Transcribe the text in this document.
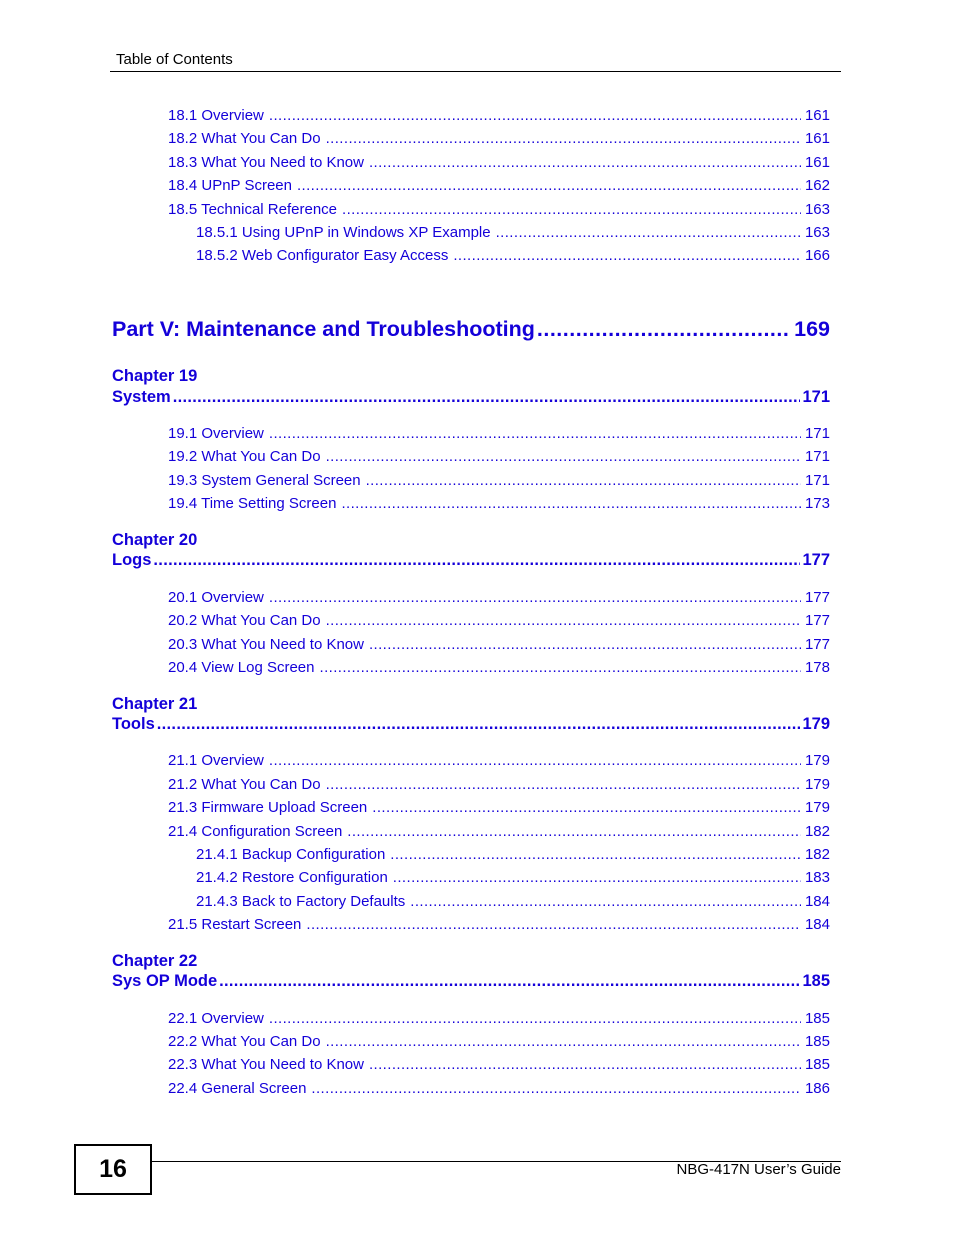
Table of Contents
18.1 Overview .....	161
18.2 What You Can Do .....	161
18.3 What You Need to Know .....	161
18.4 UPnP Screen .....	162
18.5 Technical Reference .....	163
18.5.1 Using UPnP in Windows XP Example .....	163
18.5.2 Web Configurator Easy Access .....	166
Part V: Maintenance and Troubleshooting .....	169
Chapter 19
System .....	171
19.1 Overview .....	171
19.2 What You Can Do .....	171
19.3 System General Screen .....	171
19.4 Time Setting Screen .....	173
Chapter 20
Logs .....	177
20.1 Overview .....	177
20.2 What You Can Do .....	177
20.3 What You Need to Know .....	177
20.4 View Log Screen .....	178
Chapter 21
Tools .....	179
21.1 Overview .....	179
21.2 What You Can Do .....	179
21.3 Firmware Upload Screen .....	179
21.4 Configuration Screen .....	182
21.4.1 Backup Configuration .....	182
21.4.2 Restore Configuration .....	183
21.4.3 Back to Factory Defaults .....	184
21.5 Restart Screen .....	184
Chapter 22
Sys OP Mode .....	185
22.1 Overview .....	185
22.2 What You Can Do .....	185
22.3 What You Need to Know .....	185
22.4 General Screen .....	186
16	NBG-417N User’s Guide
